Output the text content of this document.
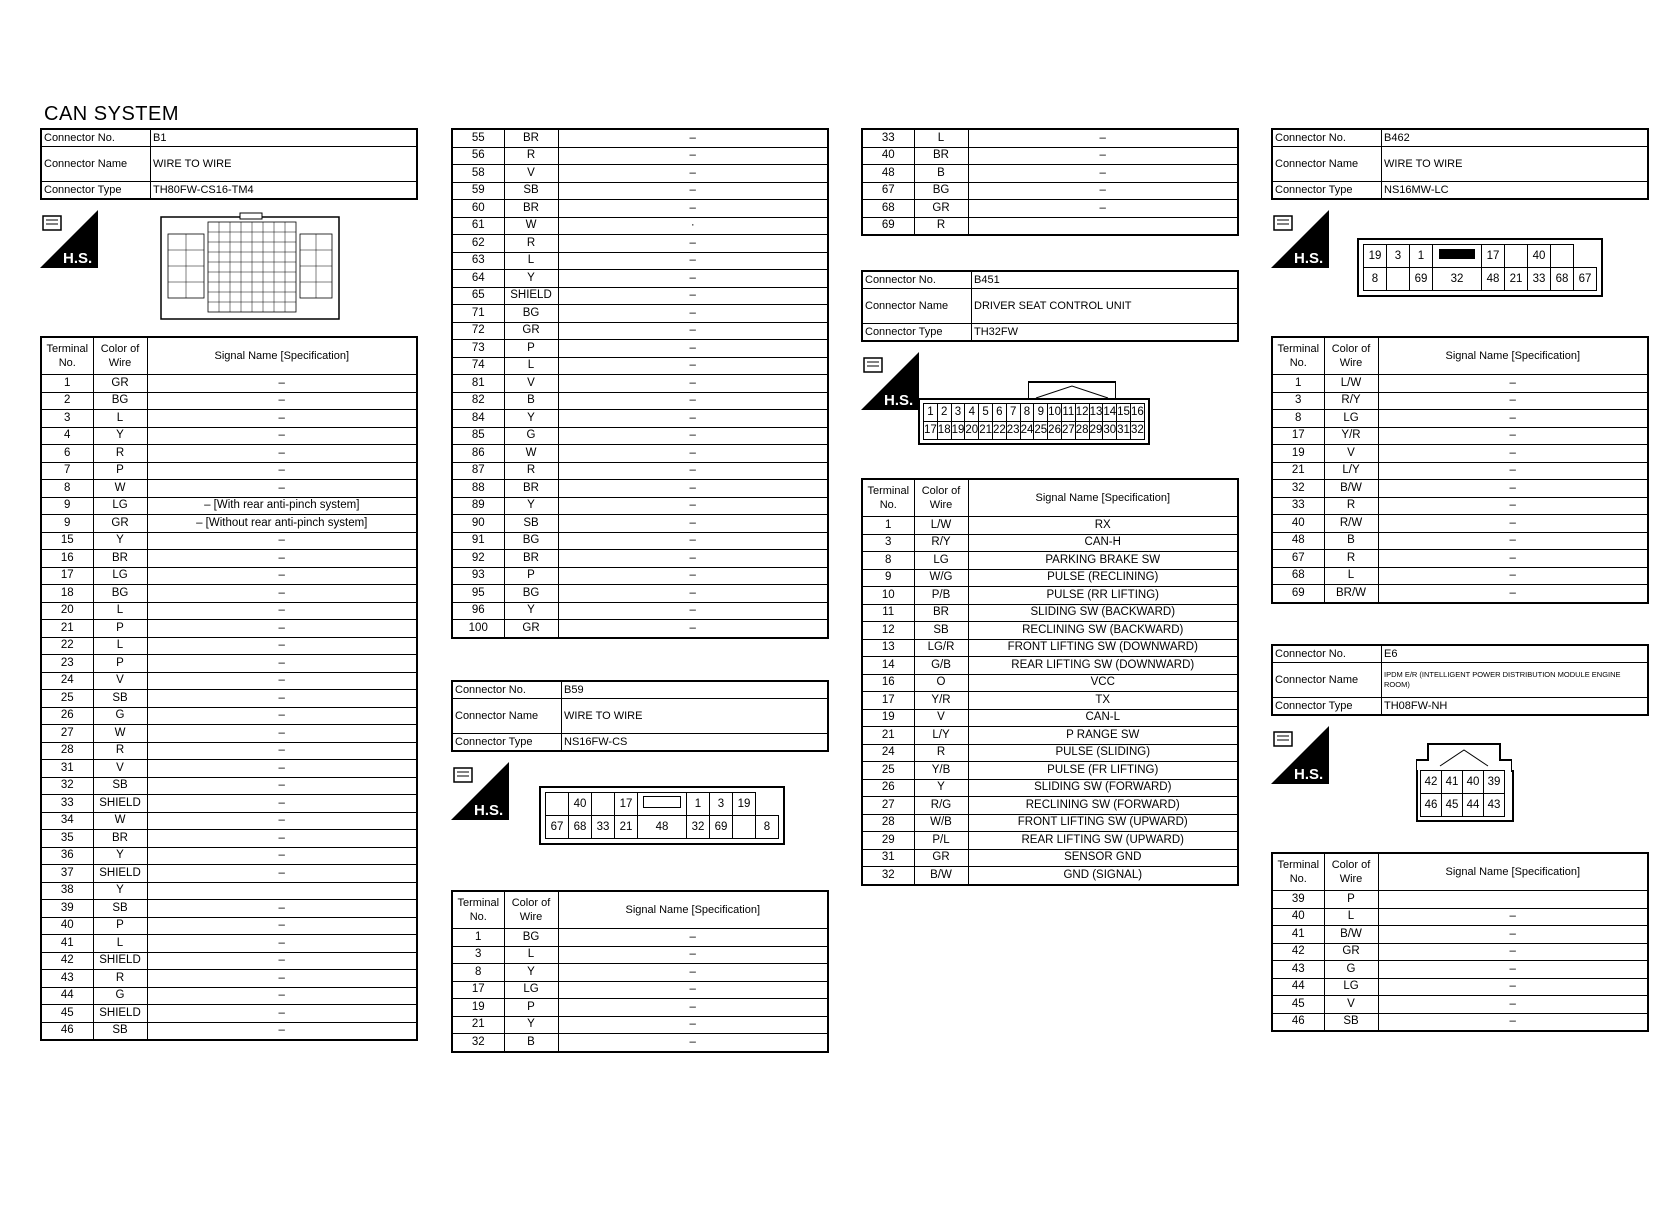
CAN SYSTEM
Connector No.	B1
Connector Name	WIRE TO WIRE
Connector Type	TH80FW-CS16-TM4
H.S.
Terminal No.	Color of Wire	Signal Name [Specification]
1	GR	–
2	BG	–
3	L	–
4	Y	–
6	R	–
7	P	–
8	W	–
9	LG	– [With rear anti-pinch system]
9	GR	– [Without rear anti-pinch system]
15	Y	–
16	BR	–
17	LG	–
18	BG	–
20	L	–
21	P	–
22	L	–
23	P	–
24	V	–
25	SB	–
26	G	–
27	W	–
28	R	–
31	V	–
32	SB	–
33	SHIELD	–
34	W	–
35	BR	–
36	Y	–
37	SHIELD	–
38	Y	
39	SB	–
40	P	–
41	L	–
42	SHIELD	–
43	R	–
44	G	–
45	SHIELD	–
46	SB	–
55	BR	–
56	R	–
58	V	–
59	SB	–
60	BR	–
61	W	·
62	R	–
63	L	–
64	Y	–
65	SHIELD	–
71	BG	–
72	GR	–
73	P	–
74	L	–
81	V	–
82	B	–
84	Y	–
85	G	–
86	W	–
87	R	–
88	BR	–
89	Y	–
90	SB	–
91	BG	–
92	BR	–
93	P	–
95	BG	–
96	Y	–
100	GR	–
Connector No.	B59
Connector Name	WIRE TO WIRE
Connector Type	NS16FW-CS
H.S.
		40		17		1	3	19	
67	68	33	21	48	32	69		8
Terminal No.	Color of Wire	Signal Name [Specification]
1	BG	–
3	L	–
8	Y	–
17	LG	–
19	P	–
21	Y	–
32	B	–
33	L	–
40	BR	–
48	B	–
67	BG	–
68	GR	–
69	R	
Connector No.	B451
Connector Name	DRIVER SEAT CONTROL UNIT
Connector Type	TH32FW
H.S.
1	2	3	4	5	6	7	8	9	10	11	12	13	14	15	16
17	18	19	20	21	22	23	24	25	26	27	28	29	30	31	32
Terminal No.	Color of Wire	Signal Name [Specification]
1	L/W	RX
3	R/Y	CAN-H
8	LG	PARKING BRAKE SW
9	W/G	PULSE (RECLINING)
10	P/B	PULSE (RR LIFTING)
11	BR	SLIDING SW (BACKWARD)
12	SB	RECLINING SW (BACKWARD)
13	LG/R	FRONT LIFTING SW (DOWNWARD)
14	G/B	REAR LIFTING SW (DOWNWARD)
16	O	VCC
17	Y/R	TX
19	V	CAN-L
21	L/Y	P RANGE SW
24	R	PULSE (SLIDING)
25	Y/B	PULSE (FR LIFTING)
26	Y	SLIDING SW (FORWARD)
27	R/G	RECLINING SW (FORWARD)
28	W/B	FRONT LIFTING SW (UPWARD)
29	P/L	REAR LIFTING SW (UPWARD)
31	GR	SENSOR GND
32	B/W	GND (SIGNAL)
Connector No.	B462
Connector Name	WIRE TO WIRE
Connector Type	NS16MW-LC
H.S.	19	3	1		17		40		
8		69	32	48	21	33	68	67
Terminal No.	Color of Wire	Signal Name [Specification]
1	L/W	–
3	R/Y	–
8	LG	–
17	Y/R	–
19	V	–
21	L/Y	–
32	B/W	–
33	R	–
40	R/W	–
48	B	–
67	R	–
68	L	–
69	BR/W	–
Connector No.	E6
Connector Name	IPDM E/R (INTELLIGENT POWER DISTRIBUTION MODULE ENGINE ROOM)
Connector Type	TH08FW-NH
H.S.	42	41	40	39
46	45	44	43
Terminal No.	Color of Wire	Signal Name [Specification]
39	P	
40	L	–
41	B/W	–
42	GR	–
43	G	–
44	LG	–
45	V	–
46	SB	–
